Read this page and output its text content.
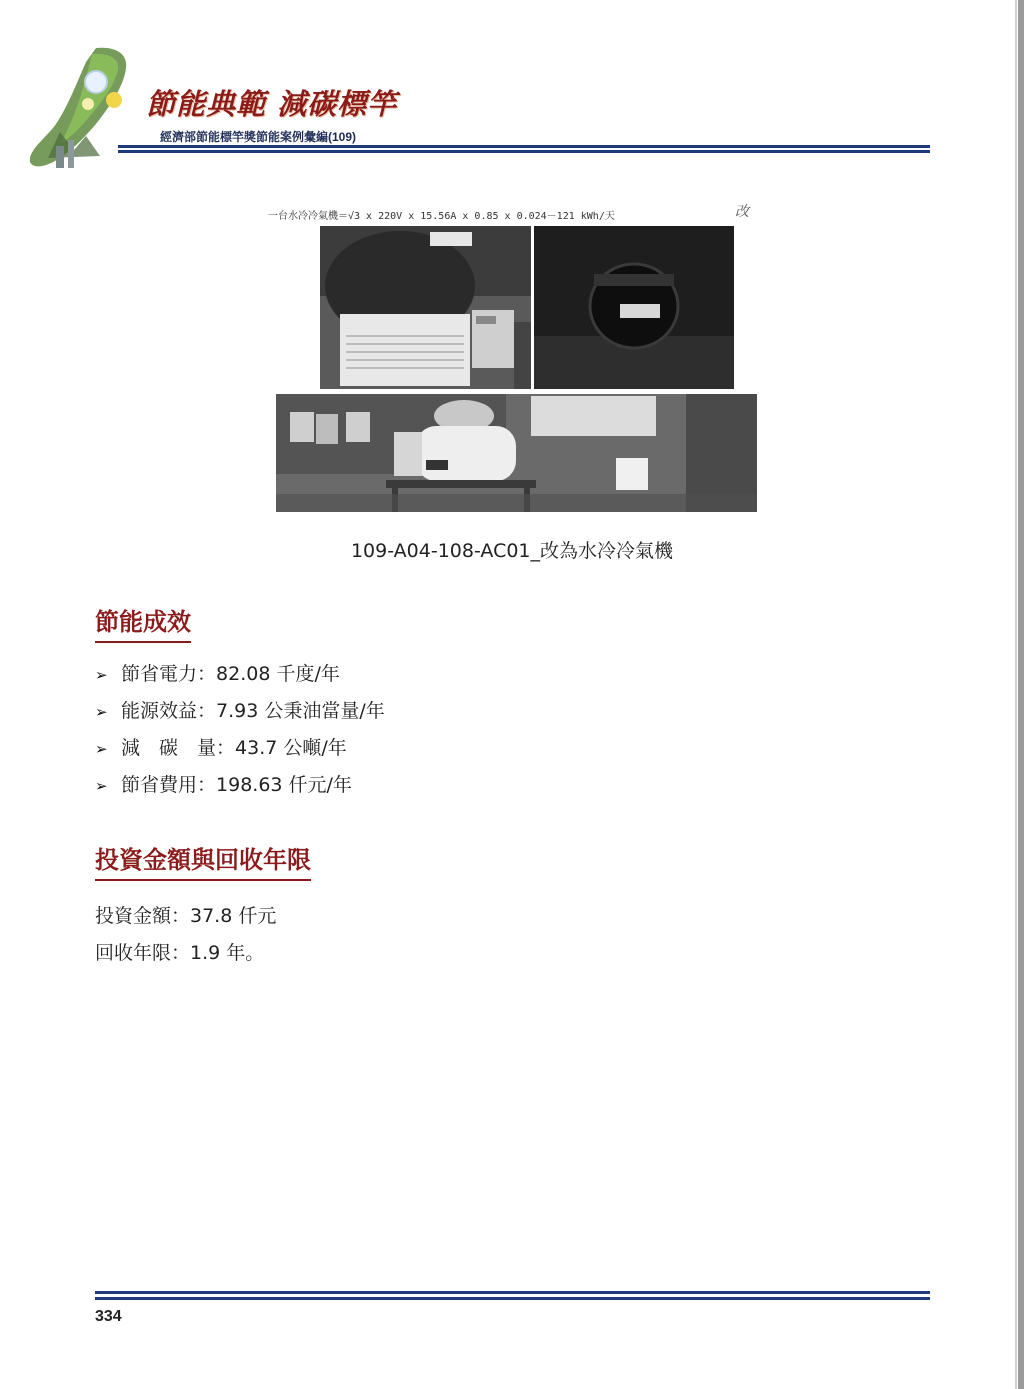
節能典範 減碳標竿
經濟部節能標竿獎節能案例彙編(109)
一台水冷冷氣機＝√3 x 220V x 15.56A x 0.85 x 0.024－121 kWh/天	改
109-A04-108-AC01_改為水冷冷氣機
節能成效
➢ 節省電力：82.08 千度/年
➢ 能源效益：7.93 公秉油當量/年
➢ 減　碳　量：43.7 公噸/年
➢ 節省費用：198.63 仟元/年
投資金額與回收年限
投資金額：37.8 仟元
回收年限：1.9 年。
334
